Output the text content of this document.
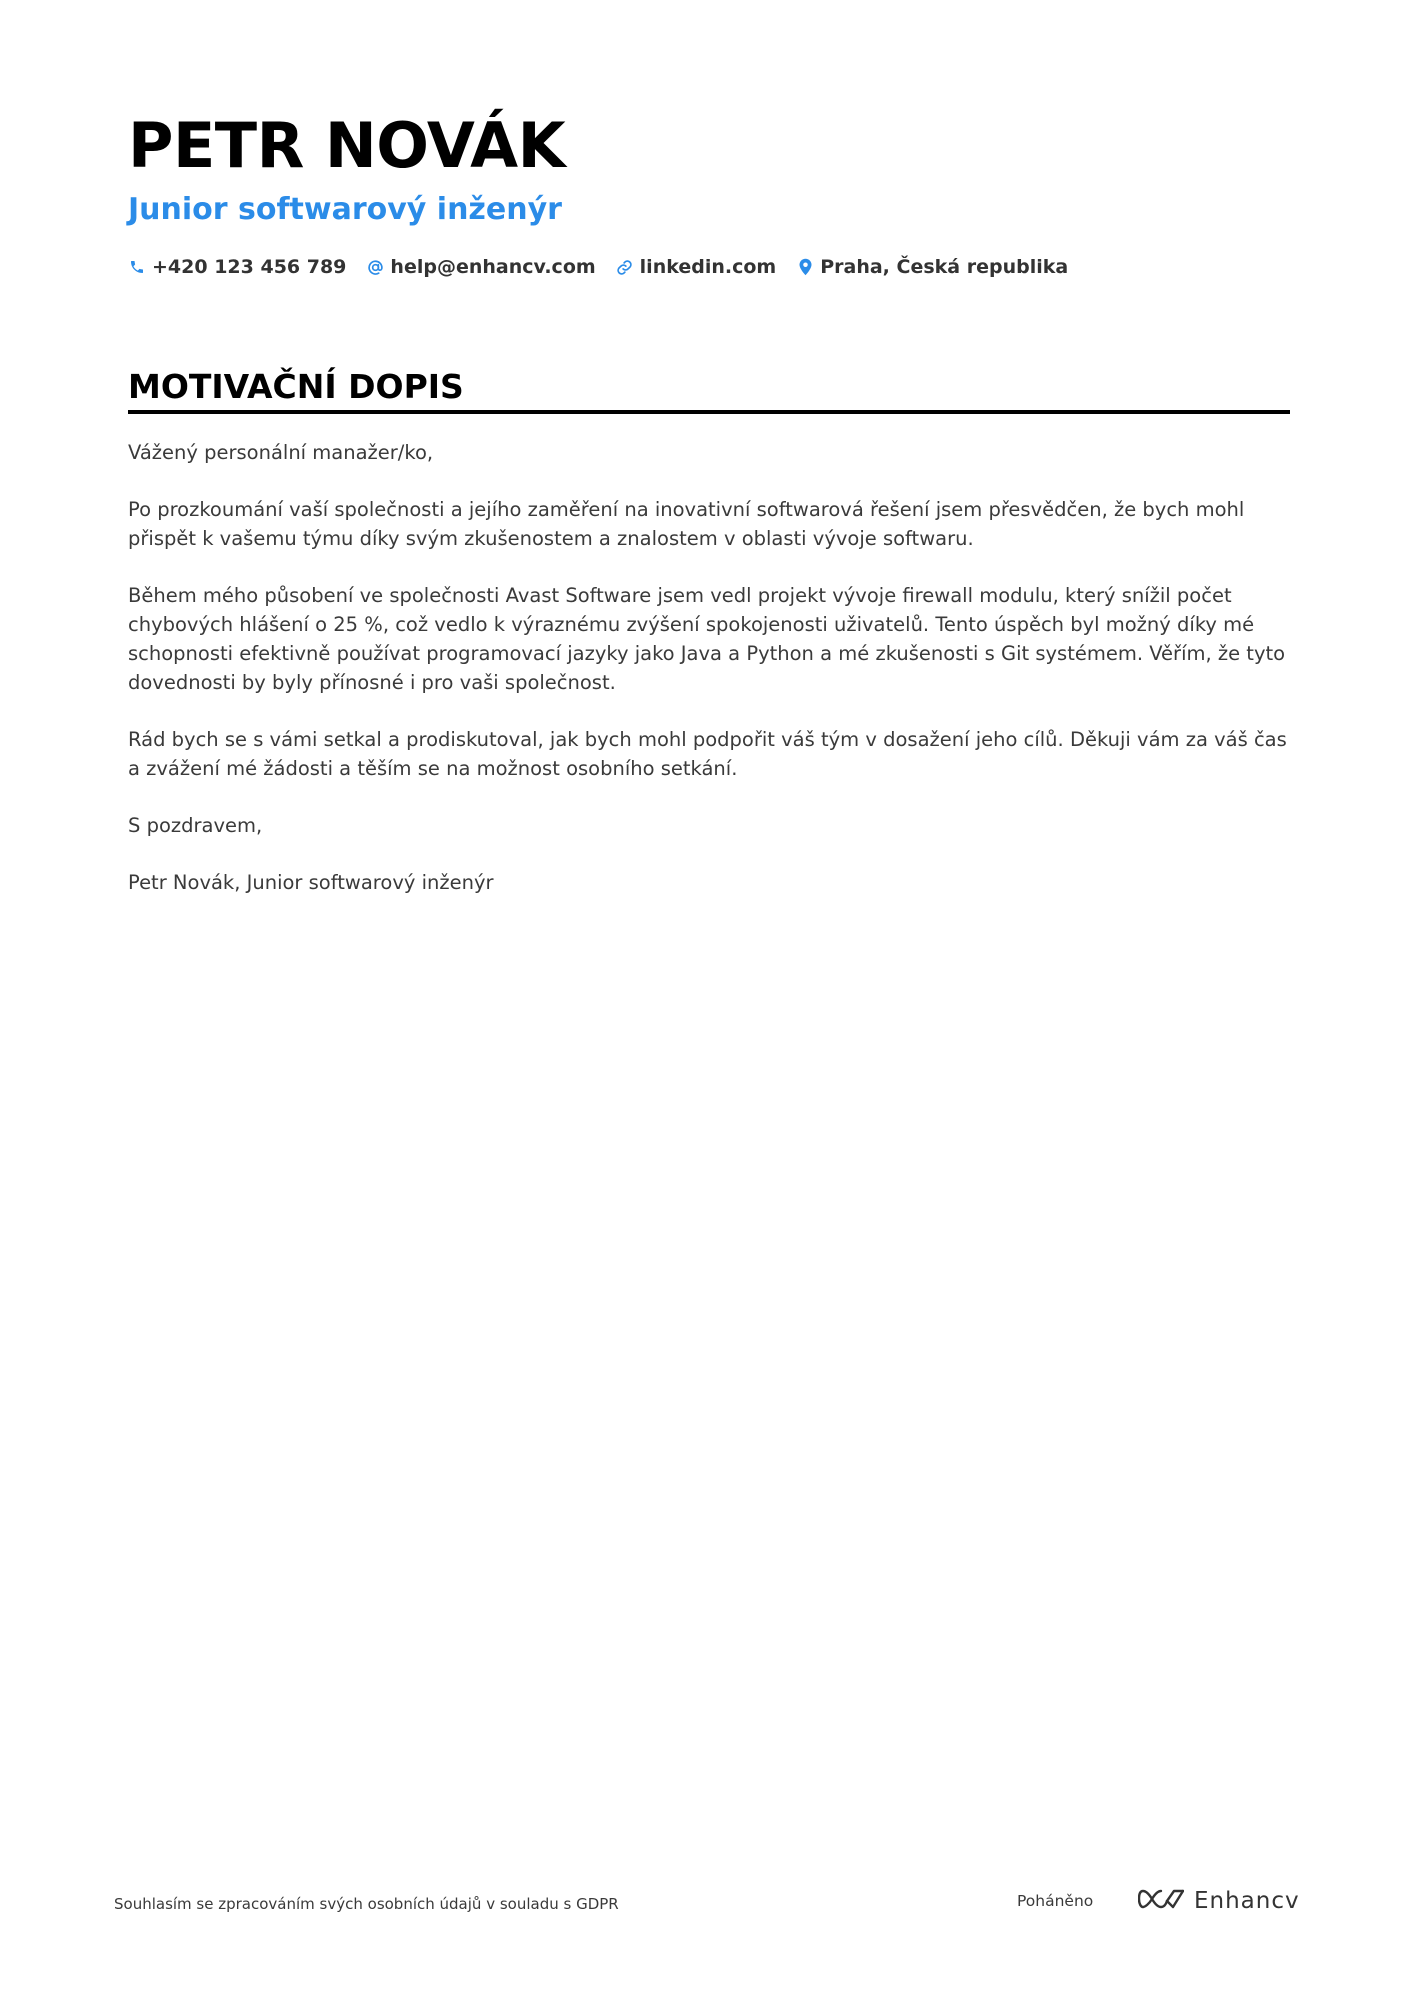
PETR NOVÁK
Junior softwarový inženýr
+420 123 456 789 help@enhancv.com linkedin.com Praha, Česká republika
MOTIVAČNÍ DOPIS

Vážený personální manažer/ko,

Po prozkoumání vaší společnosti a jejího zaměření na inovativní softwarová řešení jsem přesvědčen, že bych mohl přispět k vašemu týmu díky svým zkušenostem a znalostem v oblasti vývoje softwaru.

Během mého působení ve společnosti Avast Software jsem vedl projekt vývoje firewall modulu, který snížil počet chybových hlášení o 25 %, což vedlo k výraznému zvýšení spokojenosti uživatelů. Tento úspěch byl možný díky mé schopnosti efektivně používat programovací jazyky jako Java a Python a mé zkušenosti s Git systémem. Věřím, že tyto dovednosti by byly přínosné i pro vaši společnost.

Rád bych se s vámi setkal a prodiskutoval, jak bych mohl podpořit váš tým v dosažení jeho cílů. Děkuji vám za váš čas a zvážení mé žádosti a těším se na možnost osobního setkání.

S pozdravem,

Petr Novák, Junior softwarový inženýr

Souhlasím se zpracováním svých osobních údajů v souladu s GDPR	Poháněno	Enhancv
